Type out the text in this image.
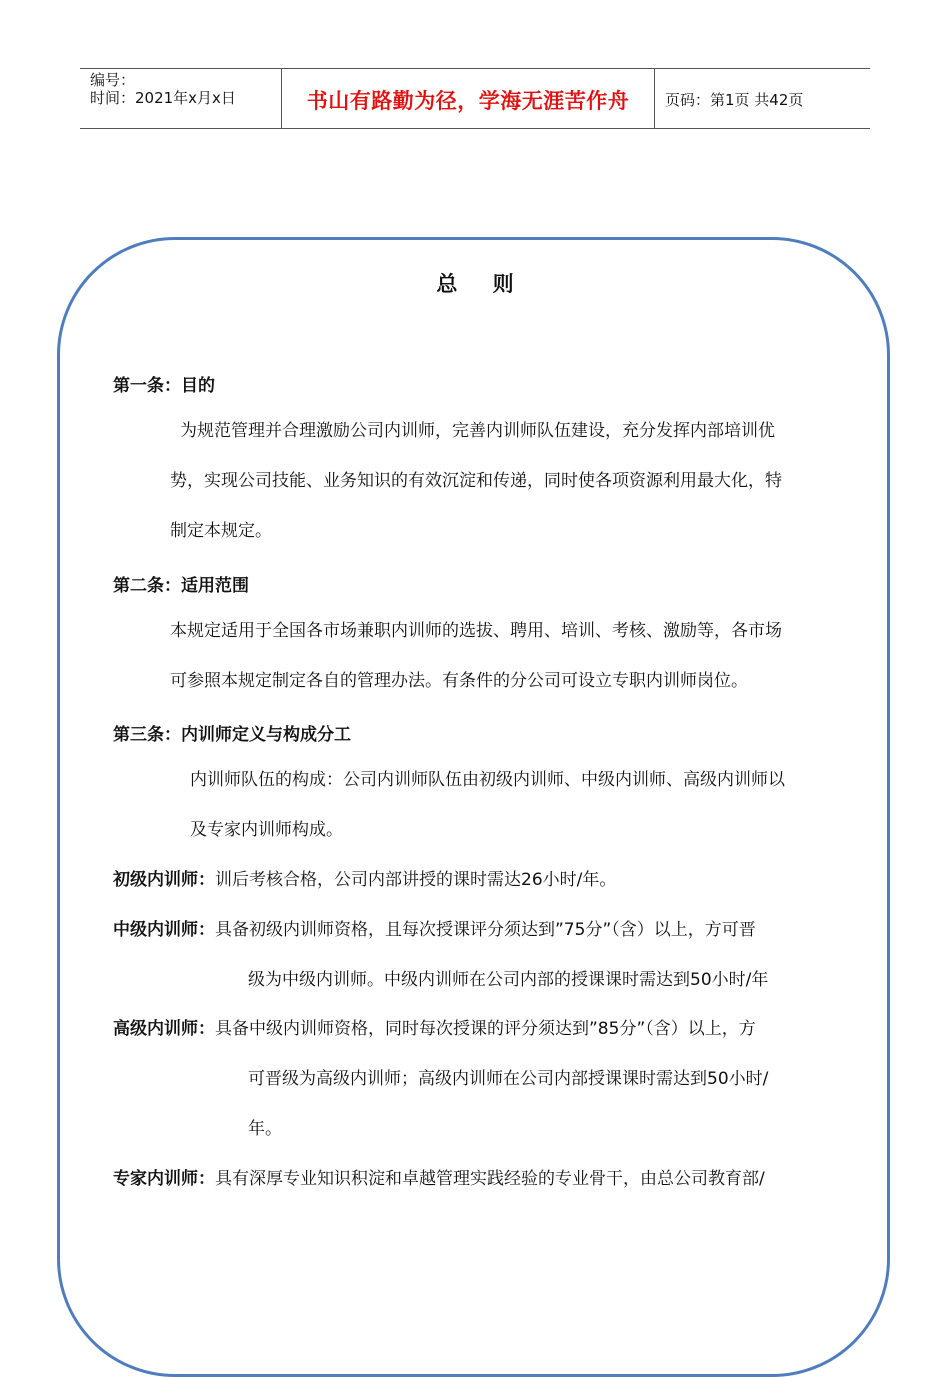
编号：
时间：2021年x月x日	书山有路勤为径，学海无涯苦作舟	页码：第1页 共42页
总 则
第一条：目的
为规范管理并合理激励公司内训师，完善内训师队伍建设，充分发挥内部培训优
势，实现公司技能、业务知识的有效沉淀和传递，同时使各项资源利用最大化，特
制定本规定。
第二条：适用范围
本规定适用于全国各市场兼职内训师的选拔、聘用、培训、考核、激励等，各市场
可参照本规定制定各自的管理办法。有条件的分公司可设立专职内训师岗位。
第三条：内训师定义与构成分工
内训师队伍的构成：公司内训师队伍由初级内训师、中级内训师、高级内训师以
及专家内训师构成。
初级内训师：训后考核合格，公司内部讲授的课时需达26小时/年。
中级内训师：具备初级内训师资格，且每次授课评分须达到”75分”（含）以上，方可晋
级为中级内训师。中级内训师在公司内部的授课课时需达到50小时/年
高级内训师：具备中级内训师资格，同时每次授课的评分须达到”85分”（含）以上，方
可晋级为高级内训师；高级内训师在公司内部授课课时需达到50小时/
年。
专家内训师：具有深厚专业知识积淀和卓越管理实践经验的专业骨干，由总公司教育部/
